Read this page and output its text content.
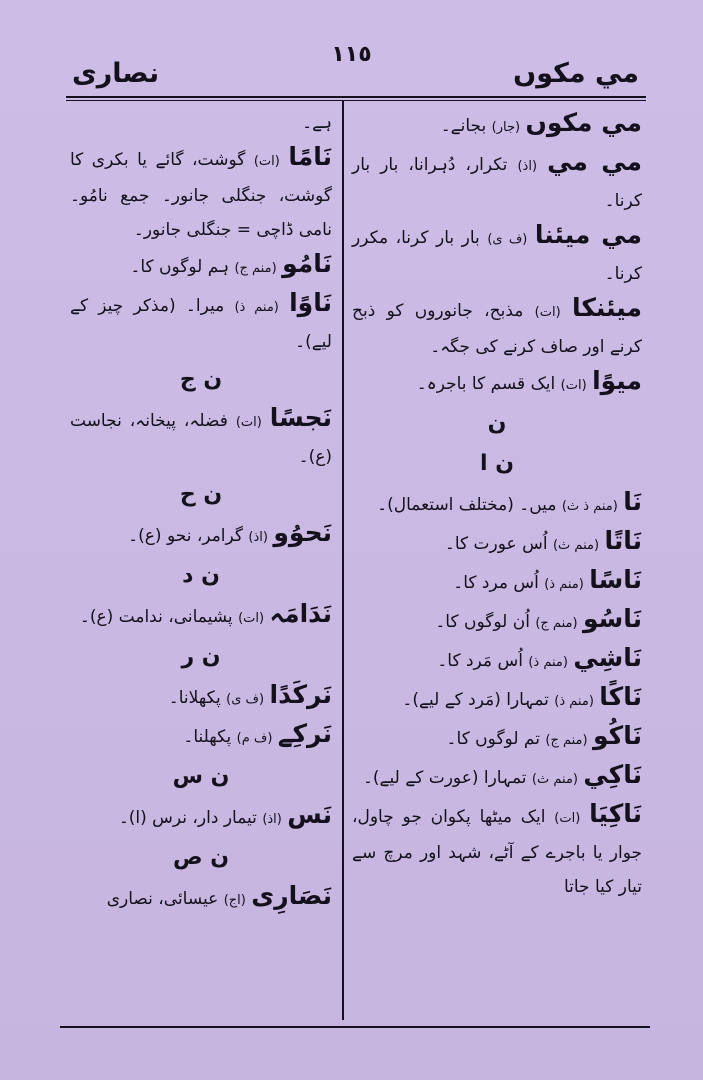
١١٥
نصاری	مي مكوں

مي مكوں (جار) بجانے۔

مي مي (اذ) تکرار، دُہرانا، بار بار کرنا۔

مي ميئنا (ف ی) بار بار کرنا، مکرر کرنا۔

ميئنكا (ات) مذبح، جانوروں کو ذبح کرنے اور صاف کرنے کی جگہ۔

ميوًا (ات) ایک قسم کا باجرہ۔

ن
ن ا

نَا (منم ذ ث) میں۔ (مختلف استعمال)۔

نَاتًا (منم ث) اُس عورت کا۔

نَاسًا (منم ذ) اُس مرد کا۔

نَاسُو (منم ج) اُن لوگوں کا۔

نَاشِي (منم ذ) اُس مَرد کا۔

نَاكًا (منم ذ) تمہارا (مَرد کے لیے)۔

نَاكُو (منم ج) تم لوگوں کا۔

نَاكِي (منم ث) تمہارا (عورت کے لیے)۔

نَاكِيَا (ات) ایک میٹھا پکوان جو چاول، جوار یا باجرے کے آٹے، شہد اور مرچ سے تیار کیا جاتا

ہے۔

نَامًا (ات) گوشت، گائے یا بکری کا گوشت، جنگلی جانور۔ جمع نامُو۔ نامی ڈاچی = جنگلی جانور۔

نَامُو (منم ج) ہم لوگوں کا۔

نَاوًا (منم ذ) میرا۔ (مذکر چیز کے لیے)۔

ن ج

نَجسًا (ات) فضلہ، پیخانہ، نجاست (ع)۔

ن ح

نَحوُو (اذ) گرامر، نحو (ع)۔

ن د

نَدَامَہ (ات) پشیمانی، ندامت (ع)۔

ن ر

نَركَدًا (ف ی) پکھلانا۔

نَركِے (ف م) پکھلنا۔

ن س

نَس (اذ) تیمار دار، نرس (ا)۔

ن ص

نَصَارِی (اج) عیسائی، نصاری
